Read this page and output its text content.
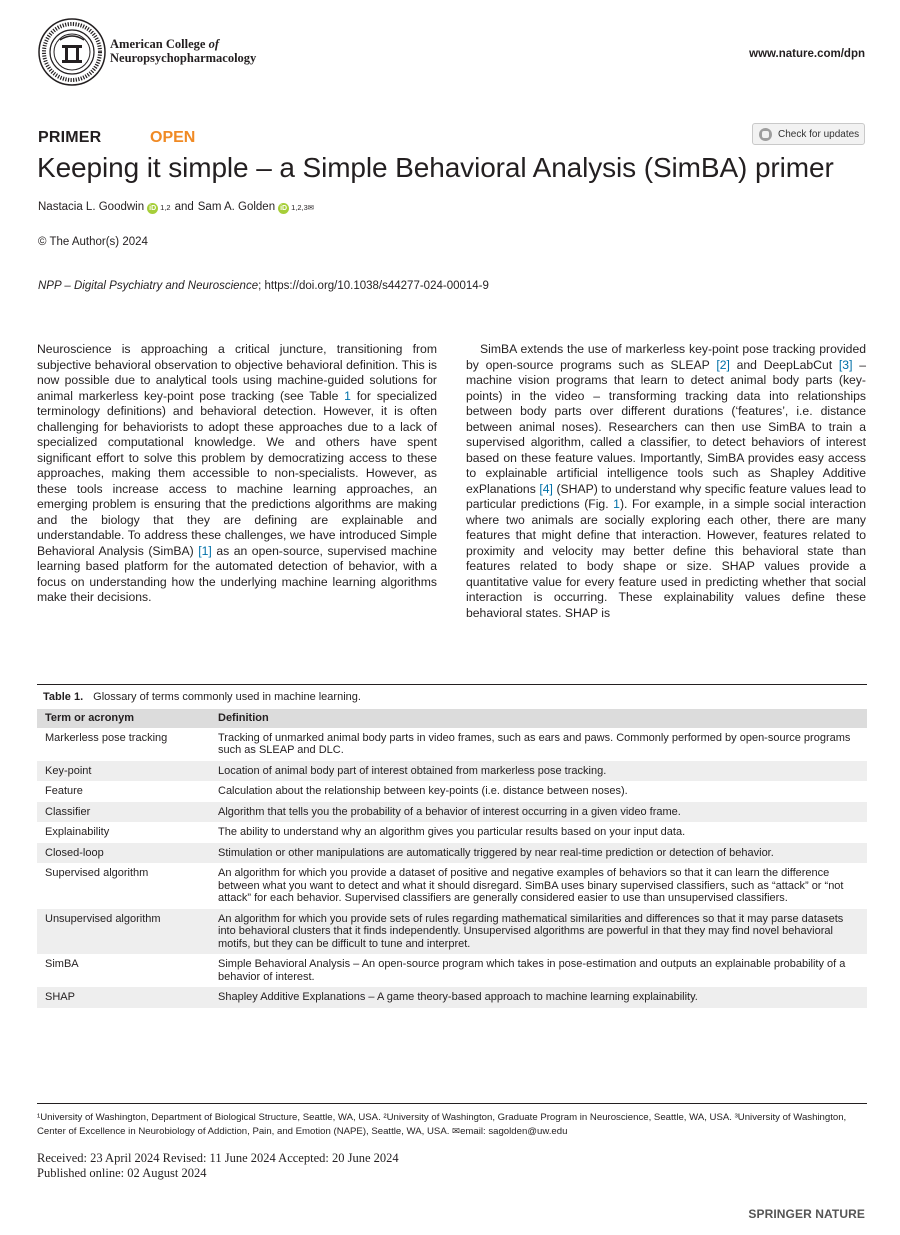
American College of
Neuropsychopharmacology	www.nature.com/dpn
PRIMER	OPEN	Check for updates
Keeping it simple – a Simple Behavioral Analysis (SimBA) primer
Nastacia L. Goodwin iD 1,2 and Sam A. Golden iD 1,2,3✉
© The Author(s) 2024
NPP – Digital Psychiatry and Neuroscience; https://doi.org/10.1038/s44277-024-00014-9

Neuroscience is approaching a critical juncture, transitioning from subjective behavioral observation to objective behavioral definition. This is now possible due to analytical tools using machine-guided solutions for animal markerless key-point pose tracking (see Table 1 for specialized terminology definitions) and behavioral detection. However, it is often challenging for behaviorists to adopt these approaches due to a lack of specialized computational knowledge. We and others have spent significant effort to solve this problem by democratizing access to these approaches, making them accessible to non-specialists. However, as these tools increase access to machine learning approaches, an emerging problem is ensuring that the predictions algorithms are making and the biology that they are defining are explainable and understandable. To address these challenges, we have introduced Simple Behavioral Analysis (SimBA) [1] as an open-source, supervised machine learning based platform for the automated detection of behavior, with a focus on understanding how the underlying machine learning algorithms make their decisions.

SimBA extends the use of markerless key-point pose tracking provided by open-source programs such as SLEAP [2] and DeepLabCut [3] – machine vision programs that learn to detect animal body parts (key-points) in the video – transforming tracking data into relationships between body parts over different durations (‘features’, i.e. distance between animal noses). Researchers can then use SimBA to train a supervised algorithm, called a classifier, to detect behaviors of interest based on these feature values. Importantly, SimBA provides easy access to explainable artificial intelligence tools such as Shapley Additive exPlanations [4] (SHAP) to understand why specific feature values lead to particular predictions (Fig. 1). For example, in a simple social interaction where two animals are socially exploring each other, there are many features that might define that interaction. However, features related to proximity and velocity may better define this behavioral state than features related to body shape or size. SHAP values provide a quantitative value for every feature used in predicting whether that social interaction is occurring. These explainability values define these behavioral states. SHAP is

Table 1. Glossary of terms commonly used in machine learning.
Term or acronym	Definition
Markerless pose tracking	Tracking of unmarked animal body parts in video frames, such as ears and paws. Commonly performed by open-source programs such as SLEAP and DLC.
Key-point	Location of animal body part of interest obtained from markerless pose tracking.
Feature	Calculation about the relationship between key-points (i.e. distance between noses).
Classifier	Algorithm that tells you the probability of a behavior of interest occurring in a given video frame.
Explainability	The ability to understand why an algorithm gives you particular results based on your input data.
Closed-loop	Stimulation or other manipulations are automatically triggered by near real-time prediction or detection of behavior.
Supervised algorithm	An algorithm for which you provide a dataset of positive and negative examples of behaviors so that it can learn the difference between what you want to detect and what it should disregard. SimBA uses binary supervised classifiers, such as “attack” or “not attack” for each behavior. Supervised classifiers are generally considered easier to use than unsupervised classifiers.
Unsupervised algorithm	An algorithm for which you provide sets of rules regarding mathematical similarities and differences so that it may parse datasets into behavioral clusters that it finds independently. Unsupervised algorithms are powerful in that they may find novel behavioral motifs, but they can be difficult to tune and interpret.
SimBA	Simple Behavioral Analysis – An open-source program which takes in pose-estimation and outputs an explainable probability of a behavior of interest.
SHAP	Shapley Additive Explanations – A game theory-based approach to machine learning explainability.
¹University of Washington, Department of Biological Structure, Seattle, WA, USA. ²University of Washington, Graduate Program in Neuroscience, Seattle, WA, USA. ³University of Washington, Center of Excellence in Neurobiology of Addiction, Pain, and Emotion (NAPE), Seattle, WA, USA. ✉email: sagolden@uw.edu
Received: 23 April 2024 Revised: 11 June 2024 Accepted: 20 June 2024
Published online: 02 August 2024
SPRINGER NATURE
